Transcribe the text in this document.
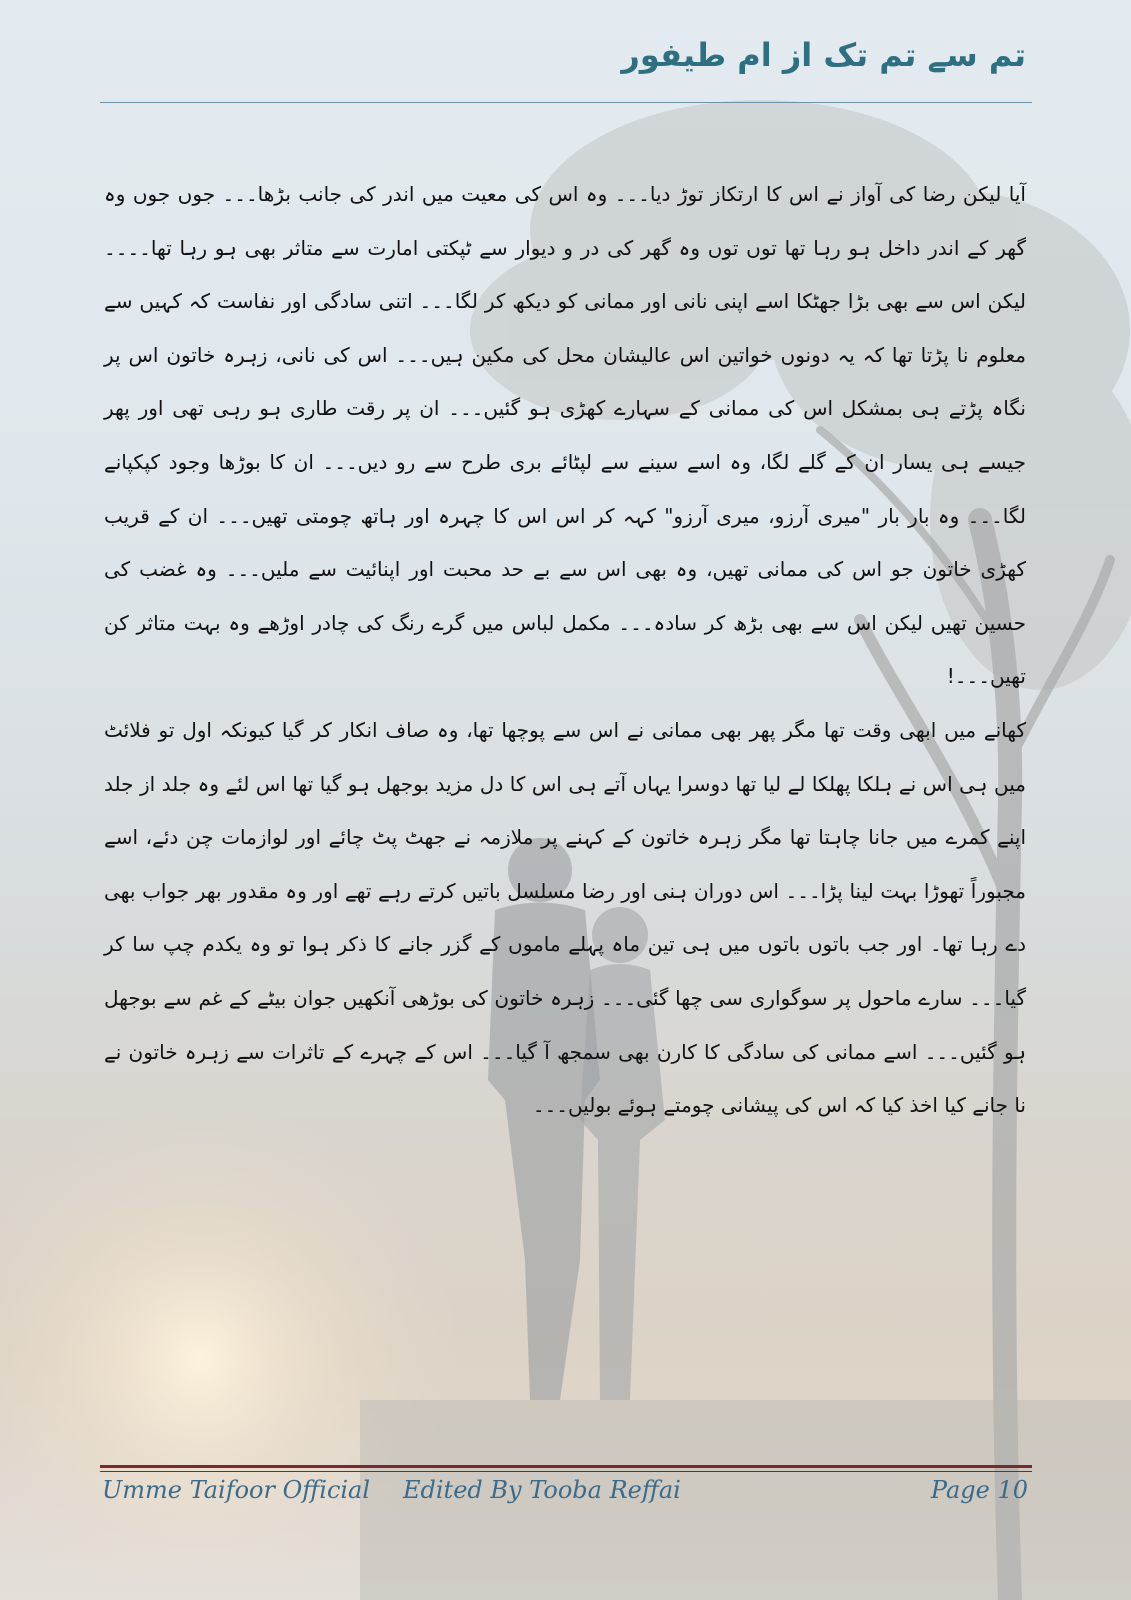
تم سے تم تک از ام طیفور

آیا لیکن رضا کی آواز نے اس کا ارتکاز توڑ دیا۔۔۔ وہ اس کی معیت میں اندر کی جانب بڑھا۔۔۔ جوں جوں وہ گھر کے اندر داخل ہو رہا تھا توں توں وہ گھر کی در و دیوار سے ٹپکتی امارت سے متاثر بھی ہو رہا تھا۔۔۔۔ لیکن اس سے بھی بڑا جھٹکا اسے اپنی نانی اور ممانی کو دیکھ کر لگا۔۔۔ اتنی سادگی اور نفاست کہ کہیں سے معلوم نا پڑتا تھا کہ یہ دونوں خواتین اس عالیشان محل کی مکین ہیں۔۔۔ اس کی نانی، زہرہ خاتون اس پر نگاہ پڑتے ہی بمشکل اس کی ممانی کے سہارے کھڑی ہو گئیں۔۔۔ ان پر رقت طاری ہو رہی تھی اور پھر جیسے ہی یسار ان کے گلے لگا، وہ اسے سینے سے لپٹائے بری طرح سے رو دیں۔۔۔ ان کا بوڑھا وجود کپکپانے لگا۔۔۔ وہ بار بار "میری آرزو، میری آرزو" کہہ کر اس اس کا چہرہ اور ہاتھ چومتی تھیں۔۔۔ ان کے قریب کھڑی خاتون جو اس کی ممانی تھیں، وہ بھی اس سے بے حد محبت اور اپنائیت سے ملیں۔۔۔ وہ غضب کی حسین تھیں لیکن اس سے بھی بڑھ کر سادہ۔۔۔ مکمل لباس میں گرے رنگ کی چادر اوڑھے وہ بہت متاثر کن تھیں۔۔۔!

کھانے میں ابھی وقت تھا مگر پھر بھی ممانی نے اس سے پوچھا تھا، وہ صاف انکار کر گیا کیونکہ اول تو فلائٹ میں ہی اس نے ہلکا پھلکا لے لیا تھا دوسرا یہاں آتے ہی اس کا دل مزید بوجھل ہو گیا تھا اس لئے وہ جلد از جلد اپنے کمرے میں جانا چاہتا تھا مگر زہرہ خاتون کے کہنے پر ملازمہ نے جھٹ پٹ چائے اور لوازمات چن دئے، اسے مجبوراً تھوڑا بہت لینا پڑا۔۔۔ اس دوران ہنی اور رضا مسلسل باتیں کرتے رہے تھے اور وہ مقدور بھر جواب بھی دے رہا تھا۔ اور جب باتوں باتوں میں ہی تین ماہ پہلے ماموں کے گزر جانے کا ذکر ہوا تو وہ یکدم چپ سا کر گیا۔۔۔ سارے ماحول پر سوگواری سی چھا گئی۔۔۔ زہرہ خاتون کی بوڑھی آنکھیں جوان بیٹے کے غم سے بوجھل ہو گئیں۔۔۔ اسے ممانی کی سادگی کا کارن بھی سمجھ آ گیا۔۔۔ اس کے چہرے کے تاثرات سے زہرہ خاتون نے نا جانے کیا اخذ کیا کہ اس کی پیشانی چومتے ہوئے بولیں۔۔۔

Umme Taifoor Official Edited By Tooba Reffai	Page 10
